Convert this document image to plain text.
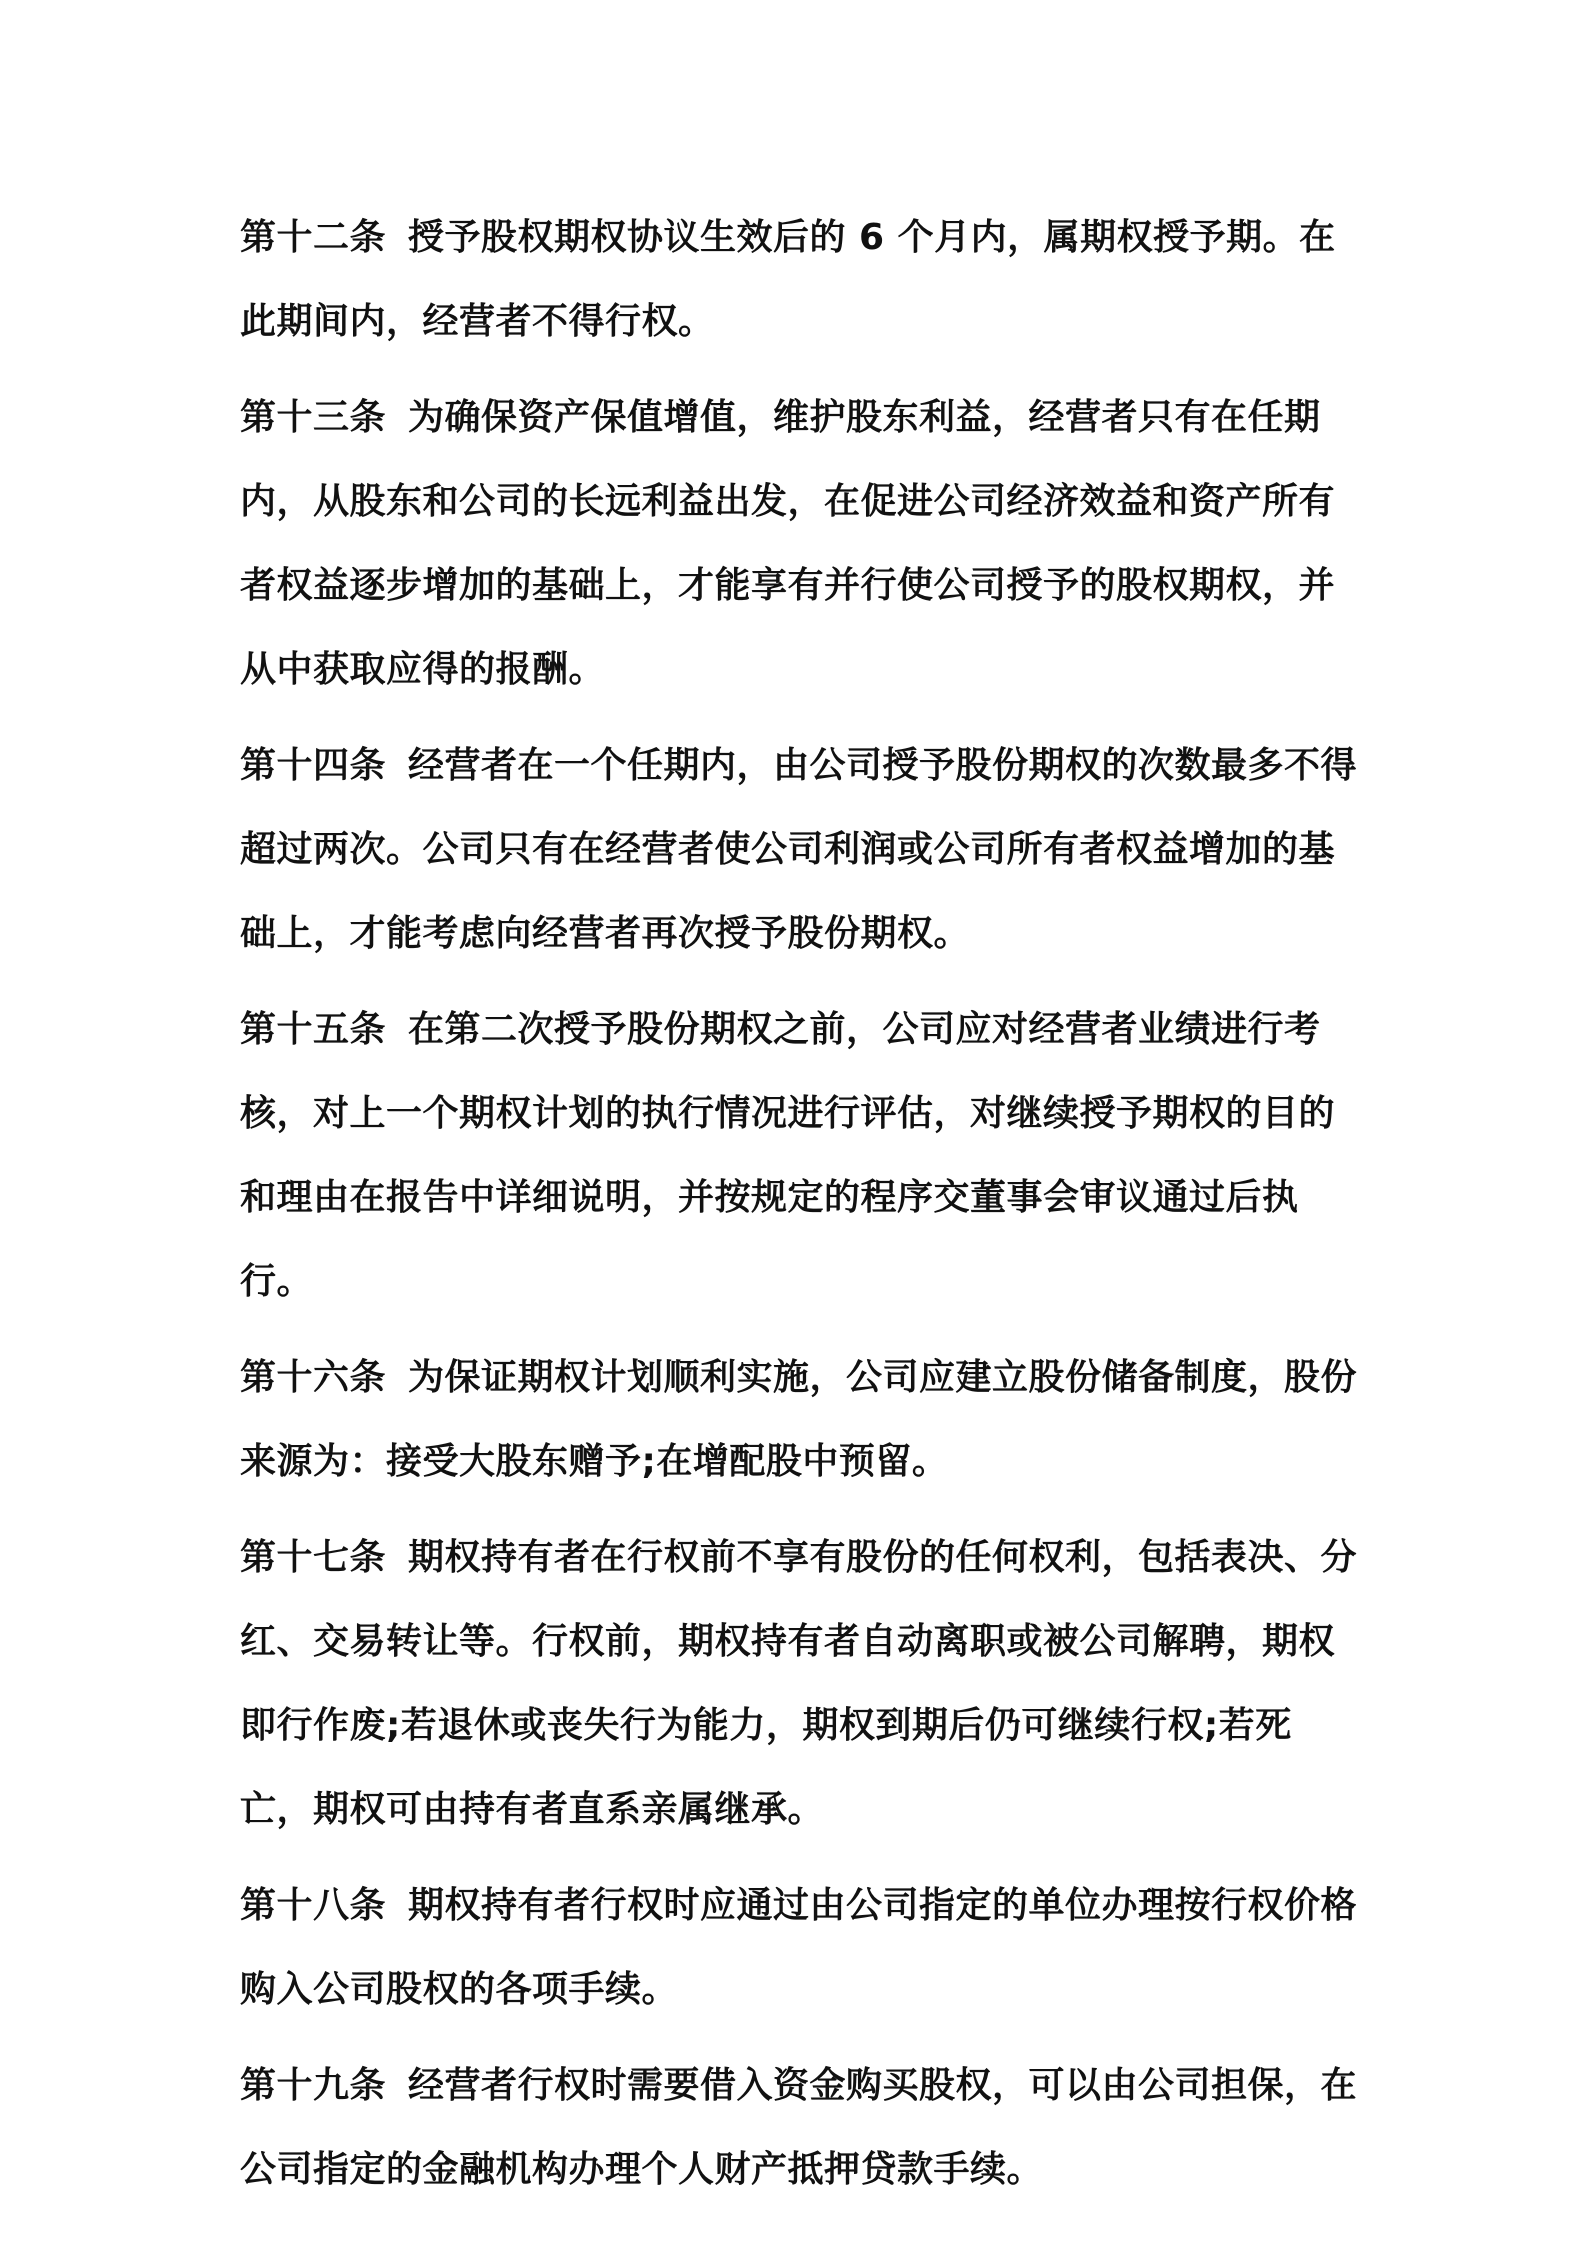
第十二条 授予股权期权协议生效后的 6 个月内，属期权授予期。在此期间内，经营者不得行权。

第十三条 为确保资产保值增值，维护股东利益，经营者只有在任期内，从股东和公司的长远利益出发，在促进公司经济效益和资产所有者权益逐步增加的基础上，才能享有并行使公司授予的股权期权，并从中获取应得的报酬。

第十四条 经营者在一个任期内，由公司授予股份期权的次数最多不得超过两次。公司只有在经营者使公司利润或公司所有者权益增加的基础上，才能考虑向经营者再次授予股份期权。

第十五条 在第二次授予股份期权之前，公司应对经营者业绩进行考核，对上一个期权计划的执行情况进行评估，对继续授予期权的目的和理由在报告中详细说明，并按规定的程序交董事会审议通过后执行。

第十六条 为保证期权计划顺利实施，公司应建立股份储备制度，股份来源为：接受大股东赠予;在增配股中预留。

第十七条 期权持有者在行权前不享有股份的任何权利，包括表决、分红、交易转让等。行权前，期权持有者自动离职或被公司解聘，期权即行作废;若退休或丧失行为能力，期权到期后仍可继续行权;若死亡，期权可由持有者直系亲属继承。

第十八条 期权持有者行权时应通过由公司指定的单位办理按行权价格购入公司股权的各项手续。

第十九条 经营者行权时需要借入资金购买股权，可以由公司担保，在公司指定的金融机构办理个人财产抵押贷款手续。
